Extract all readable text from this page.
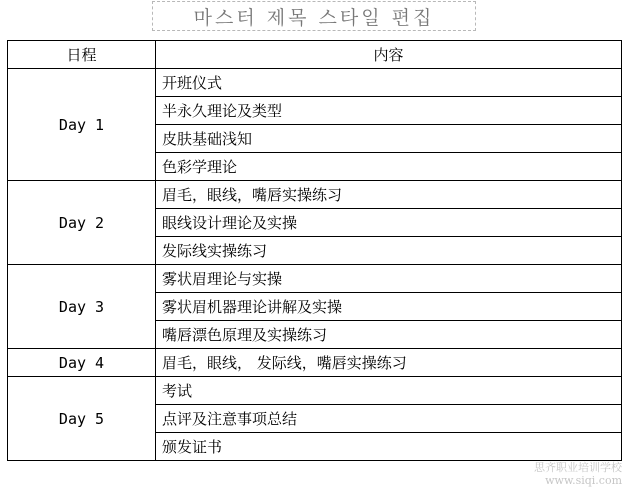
마스터 제목 스타일 편집
日程	内容
Day 1	开班仪式
	半永久理论及类型
	皮肤基础浅知
	色彩学理论
Day 2	眉毛，眼线，嘴唇实操练习
	眼线设计理论及实操
	发际线实操练习
Day 3	雾状眉理论与实操
	雾状眉机器理论讲解及实操
	嘴唇漂色原理及实操练习
Day 4	眉毛，眼线， 发际线，嘴唇实操练习
Day 5	考试
	点评及注意事项总结
	颁发证书
思齐职业培训学校
www.siqi.com
